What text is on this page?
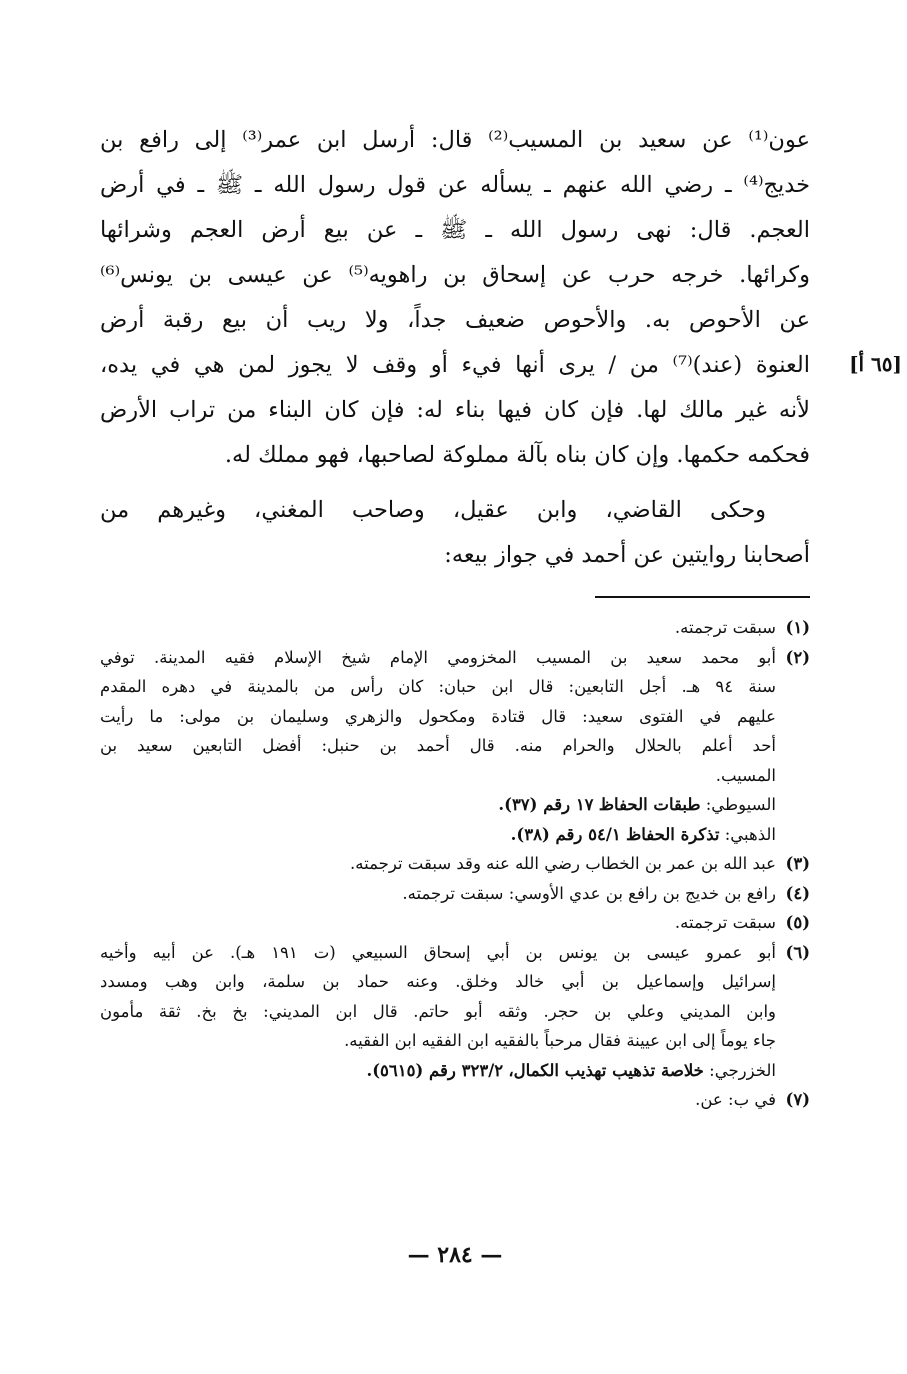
عون⁽¹⁾ عن سعيد بن المسيب⁽²⁾ قال: أرسل ابن عمر⁽³⁾ إلى رافع بن
خديج⁽⁴⁾ ـ رضي الله عنهم ـ يسأله عن قول رسول الله ـ ﷺ ـ في أرض
العجم. قال: نهى رسول الله ـ ﷺ ـ عن بيع أرض العجم وشرائها
وكرائها. خرجه حرب عن إسحاق بن راهويه⁽⁵⁾ عن عيسى بن يونس⁽⁶⁾
عن الأحوص به. والأحوص ضعيف جداً، ولا ريب أن بيع رقبة أرض
العنوة (عند)⁽⁷⁾ من / يرى أنها فيء أو وقف لا يجوز لمن هي في يده،
لأنه غير مالك لها. فإن كان فيها بناء له: فإن كان البناء من تراب الأرض
فحكمه حكمها. وإن كان بناه بآلة مملوكة لصاحبها، فهو مملك له.
وحكى القاضي، وابن عقيل، وصاحب المغني، وغيرهم من
أصحابنا روايتين عن أحمد في جواز بيعه:
[٦٥ أ]
(١)سبقت ترجمته.
(٢)أبو محمد سعيد بن المسيب المخزومي الإمام شيخ الإسلام فقيه المدينة. توفي
سنة ٩٤ هـ. أجل التابعين: قال ابن حبان: كان رأس من بالمدينة في دهره المقدم
عليهم في الفتوى سعيد: قال قتادة ومكحول والزهري وسليمان بن مولى: ما رأيت
أحد أعلم بالحلال والحرام منه. قال أحمد بن حنبل: أفضل التابعين سعيد بن
المسيب.
السيوطي: طبقات الحفاظ ١٧ رقم (٣٧).
الذهبي: تذكرة الحفاظ ٥٤/١ رقم (٣٨).
(٣)عبد الله بن عمر بن الخطاب رضي الله عنه وقد سبقت ترجمته.
(٤)رافع بن خديج بن رافع بن عدي الأوسي: سبقت ترجمته.
(٥)سبقت ترجمته.
(٦)أبو عمرو عيسى بن يونس بن أبي إسحاق السبيعي (ت ١٩١ هـ). عن أبيه وأخيه
إسرائيل وإسماعيل بن أبي خالد وخلق. وعنه حماد بن سلمة، وابن وهب ومسدد
وابن المديني وعلي بن حجر. وثقه أبو حاتم. قال ابن المديني: بخ بخ. ثقة مأمون
جاء يوماً إلى ابن عيينة فقال مرحباً بالفقيه ابن الفقيه ابن الفقيه.
الخزرجي: خلاصة تذهيب تهذيب الكمال، ٣٢٣/٢ رقم (٥٦١٥).
(٧)في ب: عن.
— ٢٨٤ —
